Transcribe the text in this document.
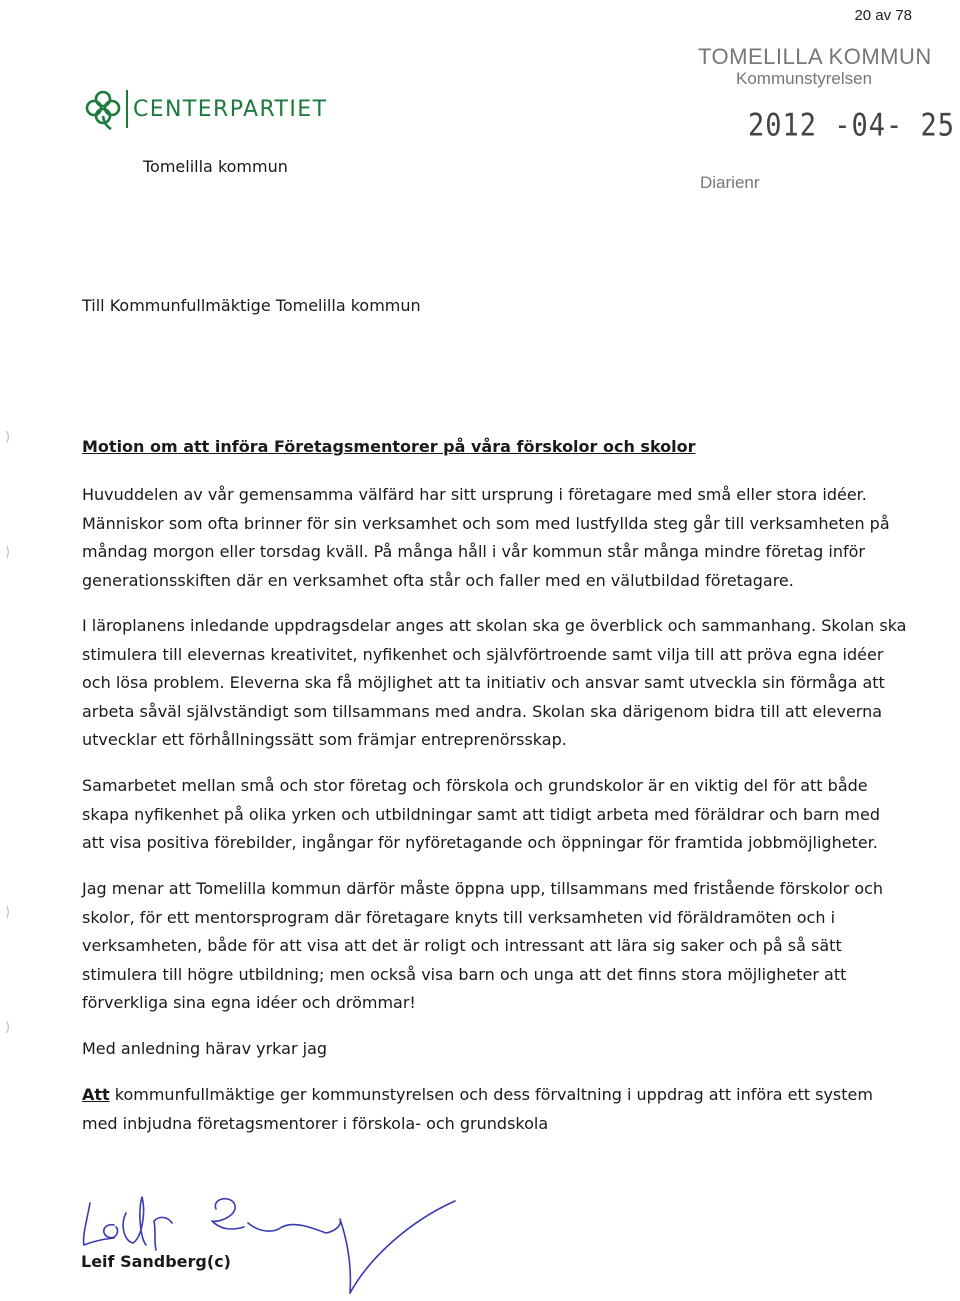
20 av 78
TOMELILLA KOMMUN
Kommunstyrelsen
2012 -04- 25
Diarienr
CENTERPARTIET
Tomelilla kommun
Till Kommunfullmäktige Tomelilla kommun
)
)
)
)
Motion om att införa Företagsmentorer på våra förskolor och skolor

Huvuddelen av vår gemensamma välfärd har sitt ursprung i företagare med små eller stora idéer. Människor som ofta brinner för sin verksamhet och som med lustfyllda steg går till verksamheten på måndag morgon eller torsdag kväll. På många håll i vår kommun står många mindre företag inför generationsskiften där en verksamhet ofta står och faller med en välutbildad företagare.

I läroplanens inledande uppdragsdelar anges att skolan ska ge överblick och sammanhang. Skolan ska stimulera till elevernas kreativitet, nyfikenhet och självförtroende samt vilja till att pröva egna idéer och lösa problem. Eleverna ska få möjlighet att ta initiativ och ansvar samt utveckla sin förmåga att arbeta såväl självständigt som tillsammans med andra. Skolan ska därigenom bidra till att eleverna utvecklar ett förhållningssätt som främjar entreprenörsskap.

Samarbetet mellan små och stor företag och förskola och grundskolor är en viktig del för att både skapa nyfikenhet på olika yrken och utbildningar samt att tidigt arbeta med föräldrar och barn med att visa positiva förebilder, ingångar för nyföretagande och öppningar för framtida jobbmöjligheter.

Jag menar att Tomelilla kommun därför måste öppna upp, tillsammans med fristående förskolor och skolor, för ett mentorsprogram där företagare knyts till verksamheten vid föräldramöten och i verksamheten, både för att visa att det är roligt och intressant att lära sig saker och på så sätt stimulera till högre utbildning; men också visa barn och unga att det finns stora möjligheter att förverkliga sina egna idéer och drömmar!

Med anledning härav yrkar jag

Att kommunfullmäktige ger kommunstyrelsen och dess förvaltning i uppdrag att införa ett system med inbjudna företagsmentorer i förskola- och grundskola

Leif Sandberg(c)
